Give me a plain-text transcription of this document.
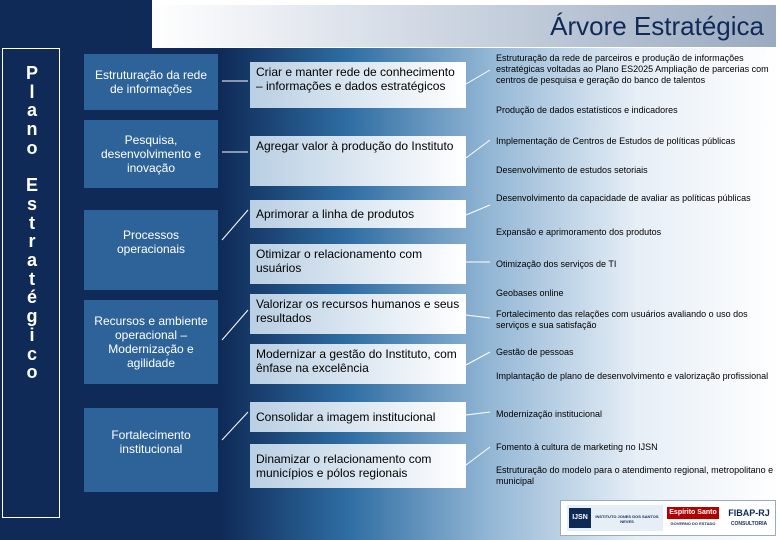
P
l
a
n
o

E
s
t
r
a
t
é
g
i
c
o
Árvore Estratégica
Estruturação da rede de informações
Pesquisa, desenvolvimento e inovação
Processos operacionais
Recursos e ambiente operacional – Modernização e agilidade
Fortalecimento institucional
Criar e manter rede de conhecimento – informações e dados estratégicos
Agregar valor à produção do Instituto
Aprimorar a linha de produtos
Otimizar o relacionamento com usuários
Valorizar os recursos humanos e seus resultados
Modernizar a gestão do Instituto, com ênfase na excelência
Consolidar a imagem institucional
Dinamizar o relacionamento com municípios e pólos regionais
Estruturação da rede de parceiros e produção de informações estratégicas voltadas ao Plano ES2025 Ampliação de parcerias com centros de pesquisa e geração do banco de talentos
Produção de dados estatísticos e indicadores
Implementação de Centros de Estudos de políticas públicas
Desenvolvimento de estudos setoriais
Desenvolvimento da capacidade de avaliar as políticas públicas
Expansão e aprimoramento dos produtos
Otimização dos serviços de TI
Geobases online
Fortalecimento das relações com usuários avaliando o uso dos serviços e sua satisfação
Gestão de pessoas
Implantação de plano de desenvolvimento e valorização profissional
Modernização institucional
Fomento à cultura de marketing no IJSN
Estruturação do modelo para o atendimento regional, metropolitano e municipal
IJSN	INSTITUTO JONES DOS SANTOS NEVES
Espírito Santo
GOVERNO DO ESTADO
FIBAP-RJ
CONSULTORIA
